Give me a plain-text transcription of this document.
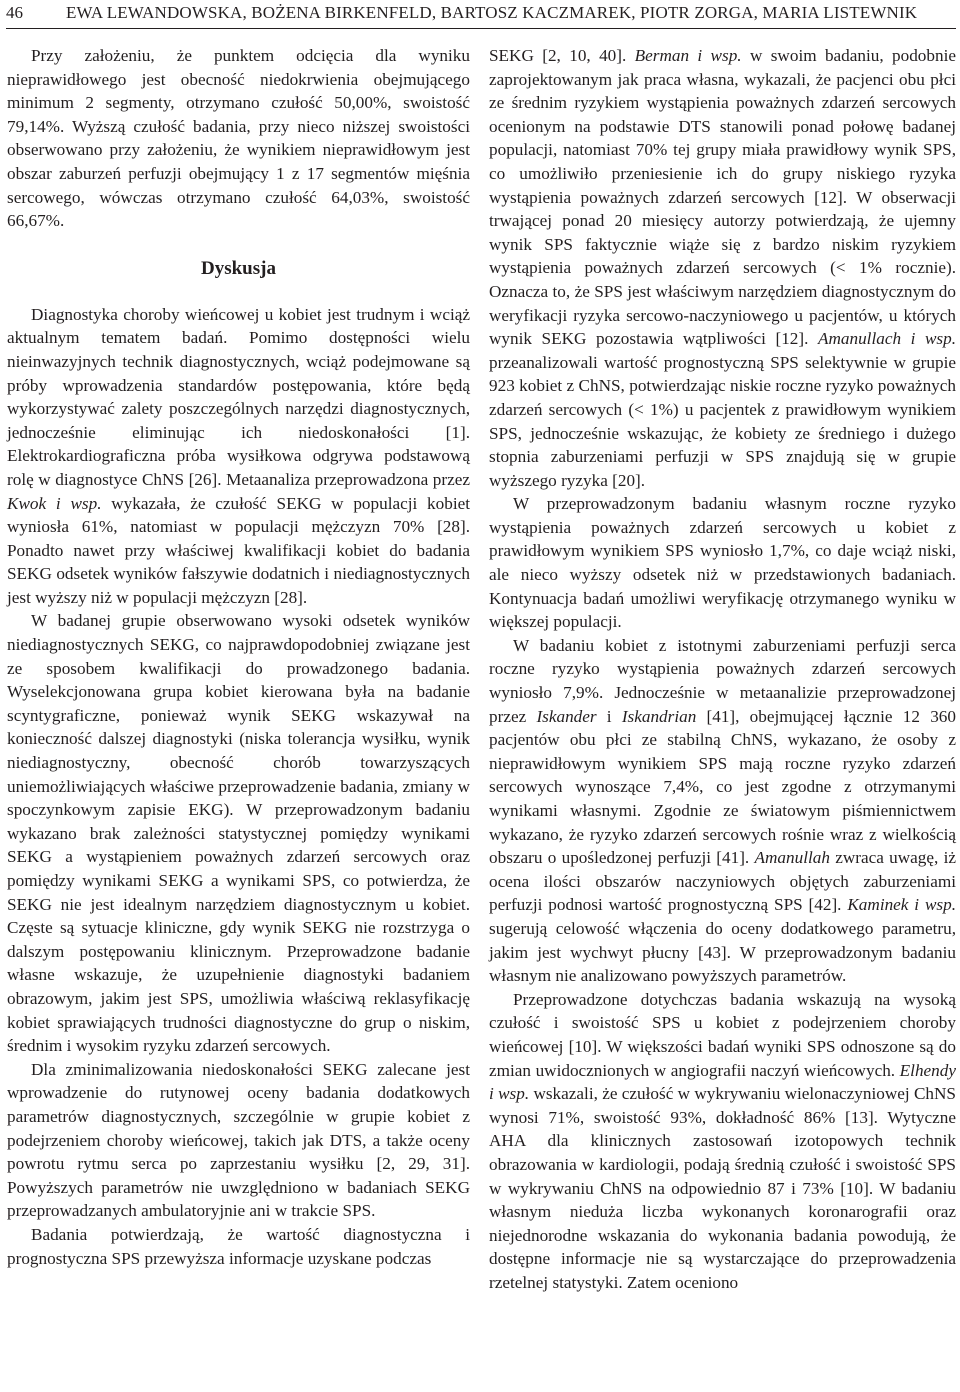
46	EWA LEWANDOWSKA, BOŻENA BIRKENFELD, BARTOSZ KACZMAREK, PIOTR ZORGA, MARIA LISTEWNIK

Przy założeniu, że punktem odcięcia dla wyniku nieprawidłowego jest obecność niedokrwienia obejmującego minimum 2 segmenty, otrzymano czułość 50,00%, swoistość 79,14%. Wyższą czułość badania, przy nieco niższej swoistości obserwowano przy założeniu, że wynikiem nieprawidłowym jest obszar zaburzeń perfuzji obejmujący 1 z 17 segmentów mięśnia sercowego, wówczas otrzymano czułość 64,03%, swoistość 66,67%.

Dyskusja

Diagnostyka choroby wieńcowej u kobiet jest trudnym i wciąż aktualnym tematem badań. Pomimo dostępności wielu nieinwazyjnych technik diagnostycznych, wciąż podejmowane są próby wprowadzenia standardów postępowania, które będą wykorzystywać zalety poszczególnych narzędzi diagnostycznych, jednocześnie eliminując ich niedoskonałości [1]. Elektrokardiograficzna próba wysiłkowa odgrywa podstawową rolę w diagnostyce ChNS [26]. Metaanaliza przeprowadzona przez Kwok i wsp. wykazała, że czułość SEKG w populacji kobiet wyniosła 61%, natomiast w populacji mężczyzn 70% [28]. Ponadto nawet przy właściwej kwalifikacji kobiet do badania SEKG odsetek wyników fałszywie dodatnich i niediagnostycznych jest wyższy niż w populacji mężczyzn [28].

W badanej grupie obserwowano wysoki odsetek wyników niediagnostycznych SEKG, co najprawdopodobniej związane jest ze sposobem kwalifikacji do prowadzonego badania. Wyselekcjonowana grupa kobiet kierowana była na badanie scyntygraficzne, ponieważ wynik SEKG wskazywał na konieczność dalszej diagnostyki (niska tolerancja wysiłku, wynik niediagnostyczny, obecność chorób towarzyszących uniemożliwiających właściwe przeprowadzenie badania, zmiany w spoczynkowym zapisie EKG). W przeprowadzonym badaniu wykazano brak zależności statystycznej pomiędzy wynikami SEKG a wystąpieniem poważnych zdarzeń sercowych oraz pomiędzy wynikami SEKG a wynikami SPS, co potwierdza, że SEKG nie jest idealnym narzędziem diagnostycznym u kobiet. Częste są sytuacje kliniczne, gdy wynik SEKG nie rozstrzyga o dalszym postępowaniu klinicznym. Przeprowadzone badanie własne wskazuje, że uzupełnienie diagnostyki badaniem obrazowym, jakim jest SPS, umożliwia właściwą reklasyfikację kobiet sprawiających trudności diagnostyczne do grup o niskim, średnim i wysokim ryzyku zdarzeń sercowych.

Dla zminimalizowania niedoskonałości SEKG zalecane jest wprowadzenie do rutynowej oceny badania dodatkowych parametrów diagnostycznych, szczególnie w grupie kobiet z podejrzeniem choroby wieńcowej, takich jak DTS, a także oceny powrotu rytmu serca po zaprzestaniu wysiłku [2, 29, 31]. Powyższych parametrów nie uwzględniono w badaniach SEKG przeprowadzanych ambulatoryjnie ani w trakcie SPS.

Badania potwierdzają, że wartość diagnostyczna i prognostyczna SPS przewyższa informacje uzyskane podczas

SEKG [2, 10, 40]. Berman i wsp. w swoim badaniu, podobnie zaprojektowanym jak praca własna, wykazali, że pacjenci obu płci ze średnim ryzykiem wystąpienia poważnych zdarzeń sercowych ocenionym na podstawie DTS stanowili ponad połowę badanej populacji, natomiast 70% tej grupy miała prawidłowy wynik SPS, co umożliwiło przeniesienie ich do grupy niskiego ryzyka wystąpienia poważnych zdarzeń sercowych [12]. W obserwacji trwającej ponad 20 miesięcy autorzy potwierdzają, że ujemny wynik SPS faktycznie wiąże się z bardzo niskim ryzykiem wystąpienia poważnych zdarzeń sercowych (< 1% rocznie). Oznacza to, że SPS jest właściwym narzędziem diagnostycznym do weryfikacji ryzyka sercowo-naczyniowego u pacjentów, u których wynik SEKG pozostawia wątpliwości [12]. Amanullach i wsp. przeanalizowali wartość prognostyczną SPS selektywnie w grupie 923 kobiet z ChNS, potwierdzając niskie roczne ryzyko poważnych zdarzeń sercowych (< 1%) u pacjentek z prawidłowym wynikiem SPS, jednocześnie wskazując, że kobiety ze średniego i dużego stopnia zaburzeniami perfuzji w SPS znajdują się w grupie wyższego ryzyka [20].

W przeprowadzonym badaniu własnym roczne ryzyko wystąpienia poważnych zdarzeń sercowych u kobiet z prawidłowym wynikiem SPS wyniosło 1,7%, co daje wciąż niski, ale nieco wyższy odsetek niż w przedstawionych badaniach. Kontynuacja badań umożliwi weryfikację otrzymanego wyniku w większej populacji.

W badaniu kobiet z istotnymi zaburzeniami perfuzji serca roczne ryzyko wystąpienia poważnych zdarzeń sercowych wyniosło 7,9%. Jednocześnie w metaanalizie przeprowadzonej przez Iskander i Iskandrian [41], obejmującej łącznie 12 360 pacjentów obu płci ze stabilną ChNS, wykazano, że osoby z nieprawidłowym wynikiem SPS mają roczne ryzyko zdarzeń sercowych wynoszące 7,4%, co jest zgodne z otrzymanymi wynikami własnymi. Zgodnie ze światowym piśmiennictwem wykazano, że ryzyko zdarzeń sercowych rośnie wraz z wielkością obszaru o upośledzonej perfuzji [41]. Amanullah zwraca uwagę, iż ocena ilości obszarów naczyniowych objętych zaburzeniami perfuzji podnosi wartość prognostyczną SPS [42]. Kaminek i wsp. sugerują celowość włączenia do oceny dodatkowego parametru, jakim jest wychwyt płucny [43]. W przeprowadzonym badaniu własnym nie analizowano powyższych parametrów.

Przeprowadzone dotychczas badania wskazują na wysoką czułość i swoistość SPS u kobiet z podejrzeniem choroby wieńcowej [10]. W większości badań wyniki SPS odnoszone są do zmian uwidocznionych w angiografii naczyń wieńcowych. Elhendy i wsp. wskazali, że czułość w wykrywaniu wielonaczyniowej ChNS wynosi 71%, swoistość 93%, dokładność 86% [13]. Wytyczne AHA dla klinicznych zastosowań izotopowych technik obrazowania w kardiologii, podają średnią czułość i swoistość SPS w wykrywaniu ChNS na odpowiednio 87 i 73% [10]. W badaniu własnym niedużа liczba wykonanych koronarografii oraz niejednorodne wskazania do wykonania badania powodują, że dostępne informacje nie są wystarczające do przeprowadzenia rzetelnej statystyki. Zatem oceniono
